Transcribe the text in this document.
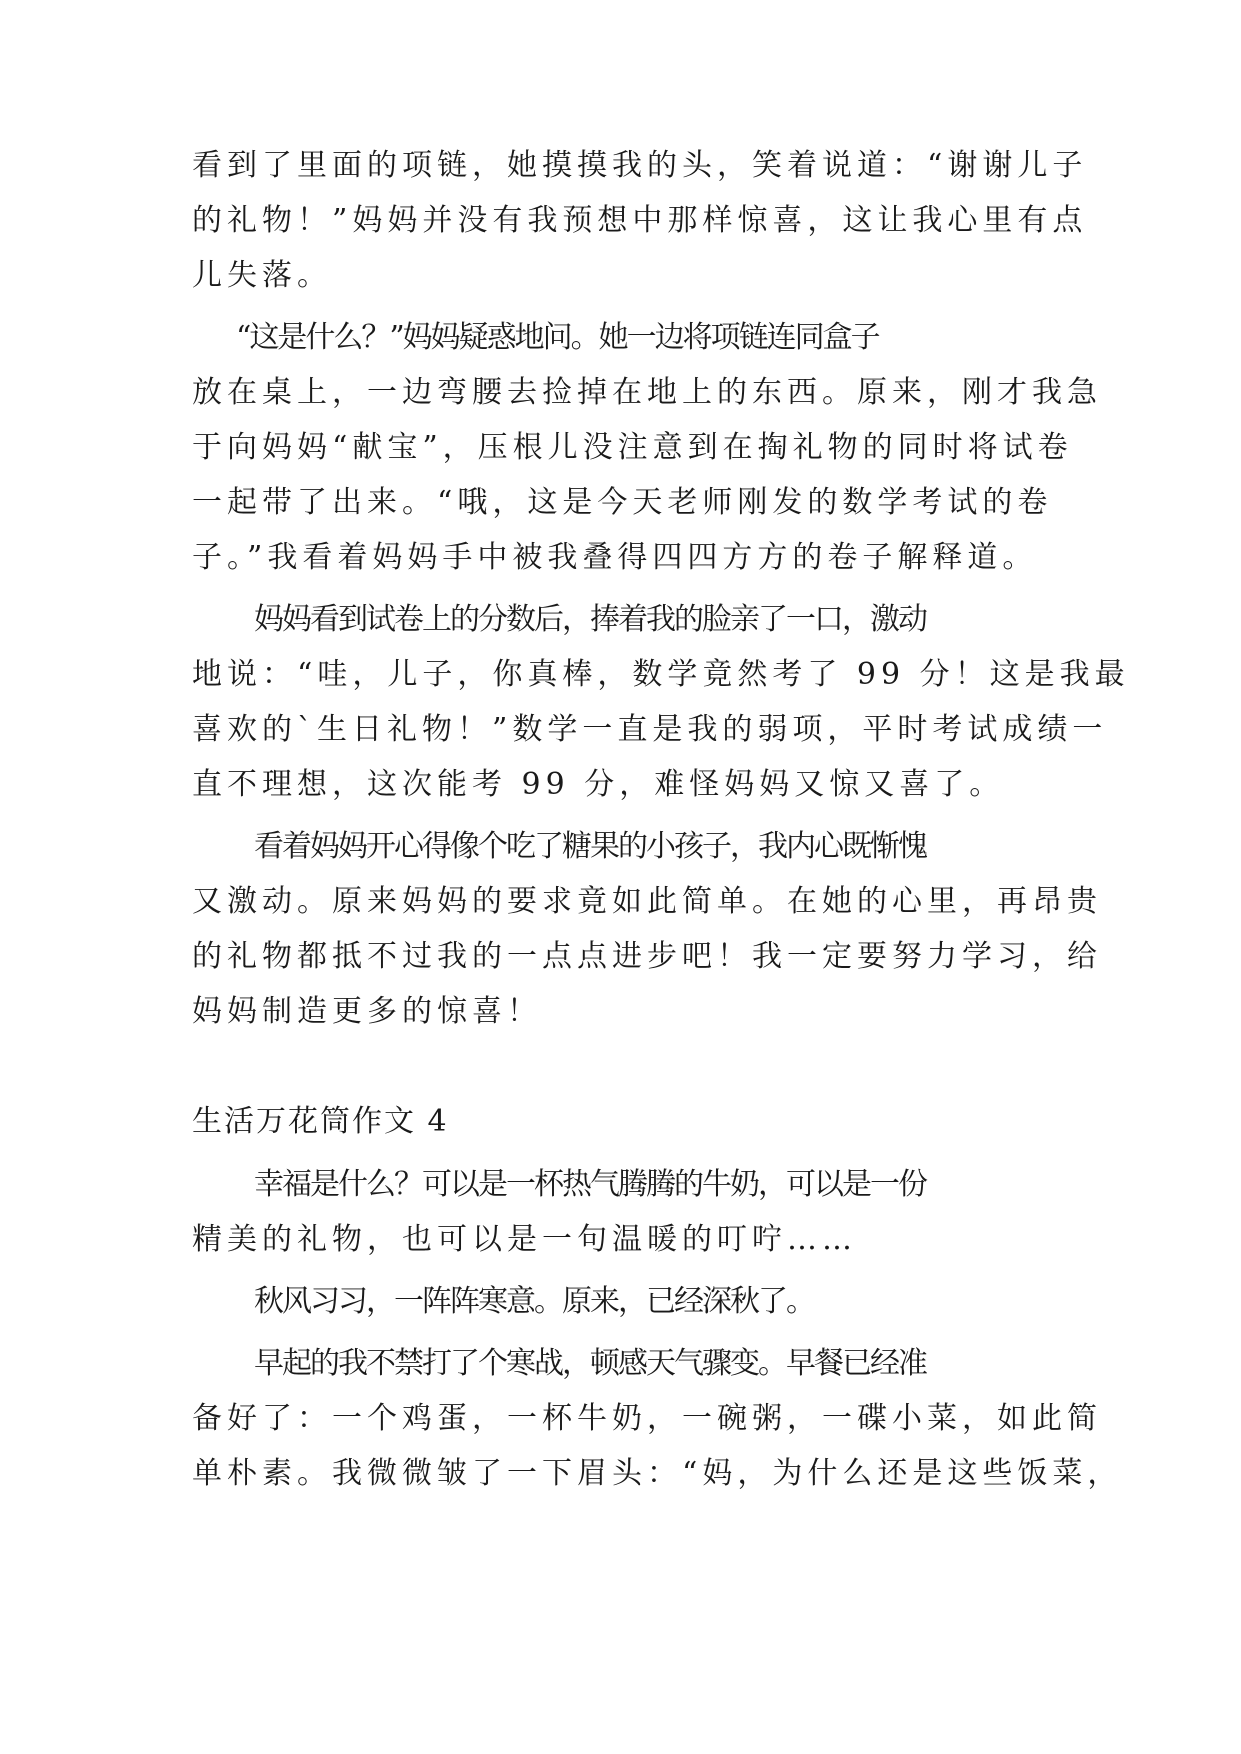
看到了里面的项链，她摸摸我的头，笑着说道：“谢谢儿子
的礼物！”妈妈并没有我预想中那样惊喜，这让我心里有点
儿失落。
“这是什么？”妈妈疑惑地问。她一边将项链连同盒子
放在桌上，一边弯腰去捡掉在地上的东西。原来，刚才我急
于向妈妈“献宝”，压根儿没注意到在掏礼物的同时将试卷
一起带了出来。“哦，这是今天老师刚发的数学考试的卷
子。”我看着妈妈手中被我叠得四四方方的卷子解释道。
妈妈看到试卷上的分数后，捧着我的脸亲了一口，激动
地说：“哇，儿子，你真棒，数学竟然考了 99 分！这是我最
喜欢的`生日礼物！”数学一直是我的弱项，平时考试成绩一
直不理想，这次能考 99 分，难怪妈妈又惊又喜了。
看着妈妈开心得像个吃了糖果的小孩子，我内心既惭愧
又激动。原来妈妈的要求竟如此简单。在她的心里，再昂贵
的礼物都抵不过我的一点点进步吧！我一定要努力学习，给
妈妈制造更多的惊喜！
生活万花筒作文 4
幸福是什么？可以是一杯热气腾腾的牛奶，可以是一份
精美的礼物，也可以是一句温暖的叮咛……
秋风习习，一阵阵寒意。原来，已经深秋了。
早起的我不禁打了个寒战，顿感天气骤变。早餐已经准
备好了：一个鸡蛋，一杯牛奶，一碗粥，一碟小菜，如此简
单朴素。我微微皱了一下眉头：“妈，为什么还是这些饭菜，
